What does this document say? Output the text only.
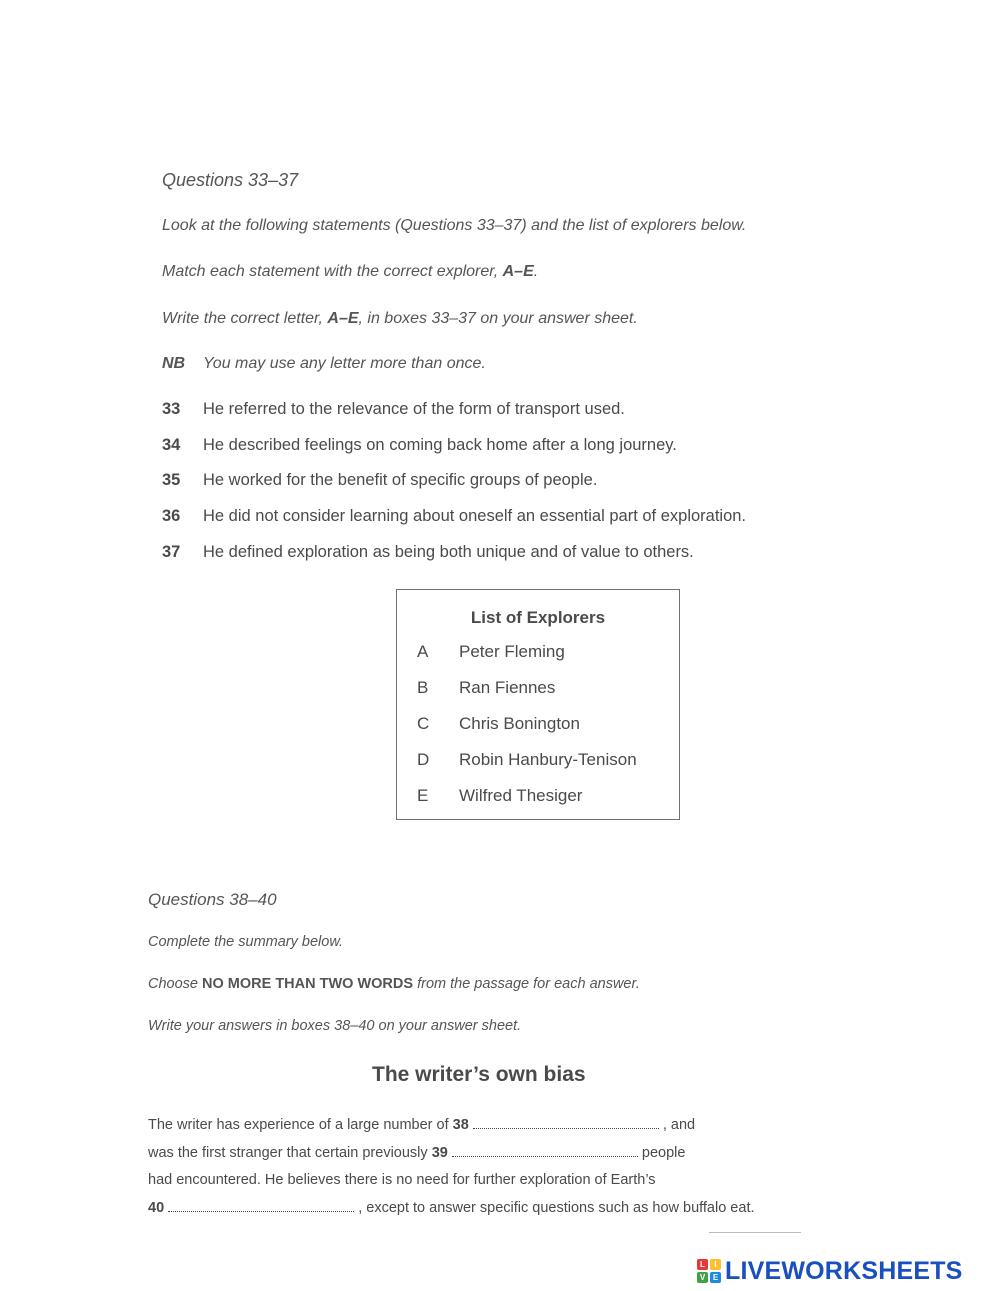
Questions 33–37
Look at the following statements (Questions 33–37) and the list of explorers below.
Match each statement with the correct explorer, A–E.
Write the correct letter, A–E, in boxes 33–37 on your answer sheet.
NB You may use any letter more than once.
33 He referred to the relevance of the form of transport used.
34 He described feelings on coming back home after a long journey.
35 He worked for the benefit of specific groups of people.
36 He did not consider learning about oneself an essential part of exploration.
37 He defined exploration as being both unique and of value to others.
List of Explorers
A Peter Fleming
B Ran Fiennes
C Chris Bonington
D Robin Hanbury-Tenison
E Wilfred Thesiger
Questions 38–40
Complete the summary below.
Choose NO MORE THAN TWO WORDS from the passage for each answer.
Write your answers in boxes 38–40 on your answer sheet.
The writer’s own bias
The writer has experience of a large number of 38	, and
was the first stranger that certain previously 39	people
had encountered. He believes there is no need for further exploration of Earth’s
40	, except to answer specific questions such as how buffalo eat.
L	I
V E LIVEWORKSHEETS
